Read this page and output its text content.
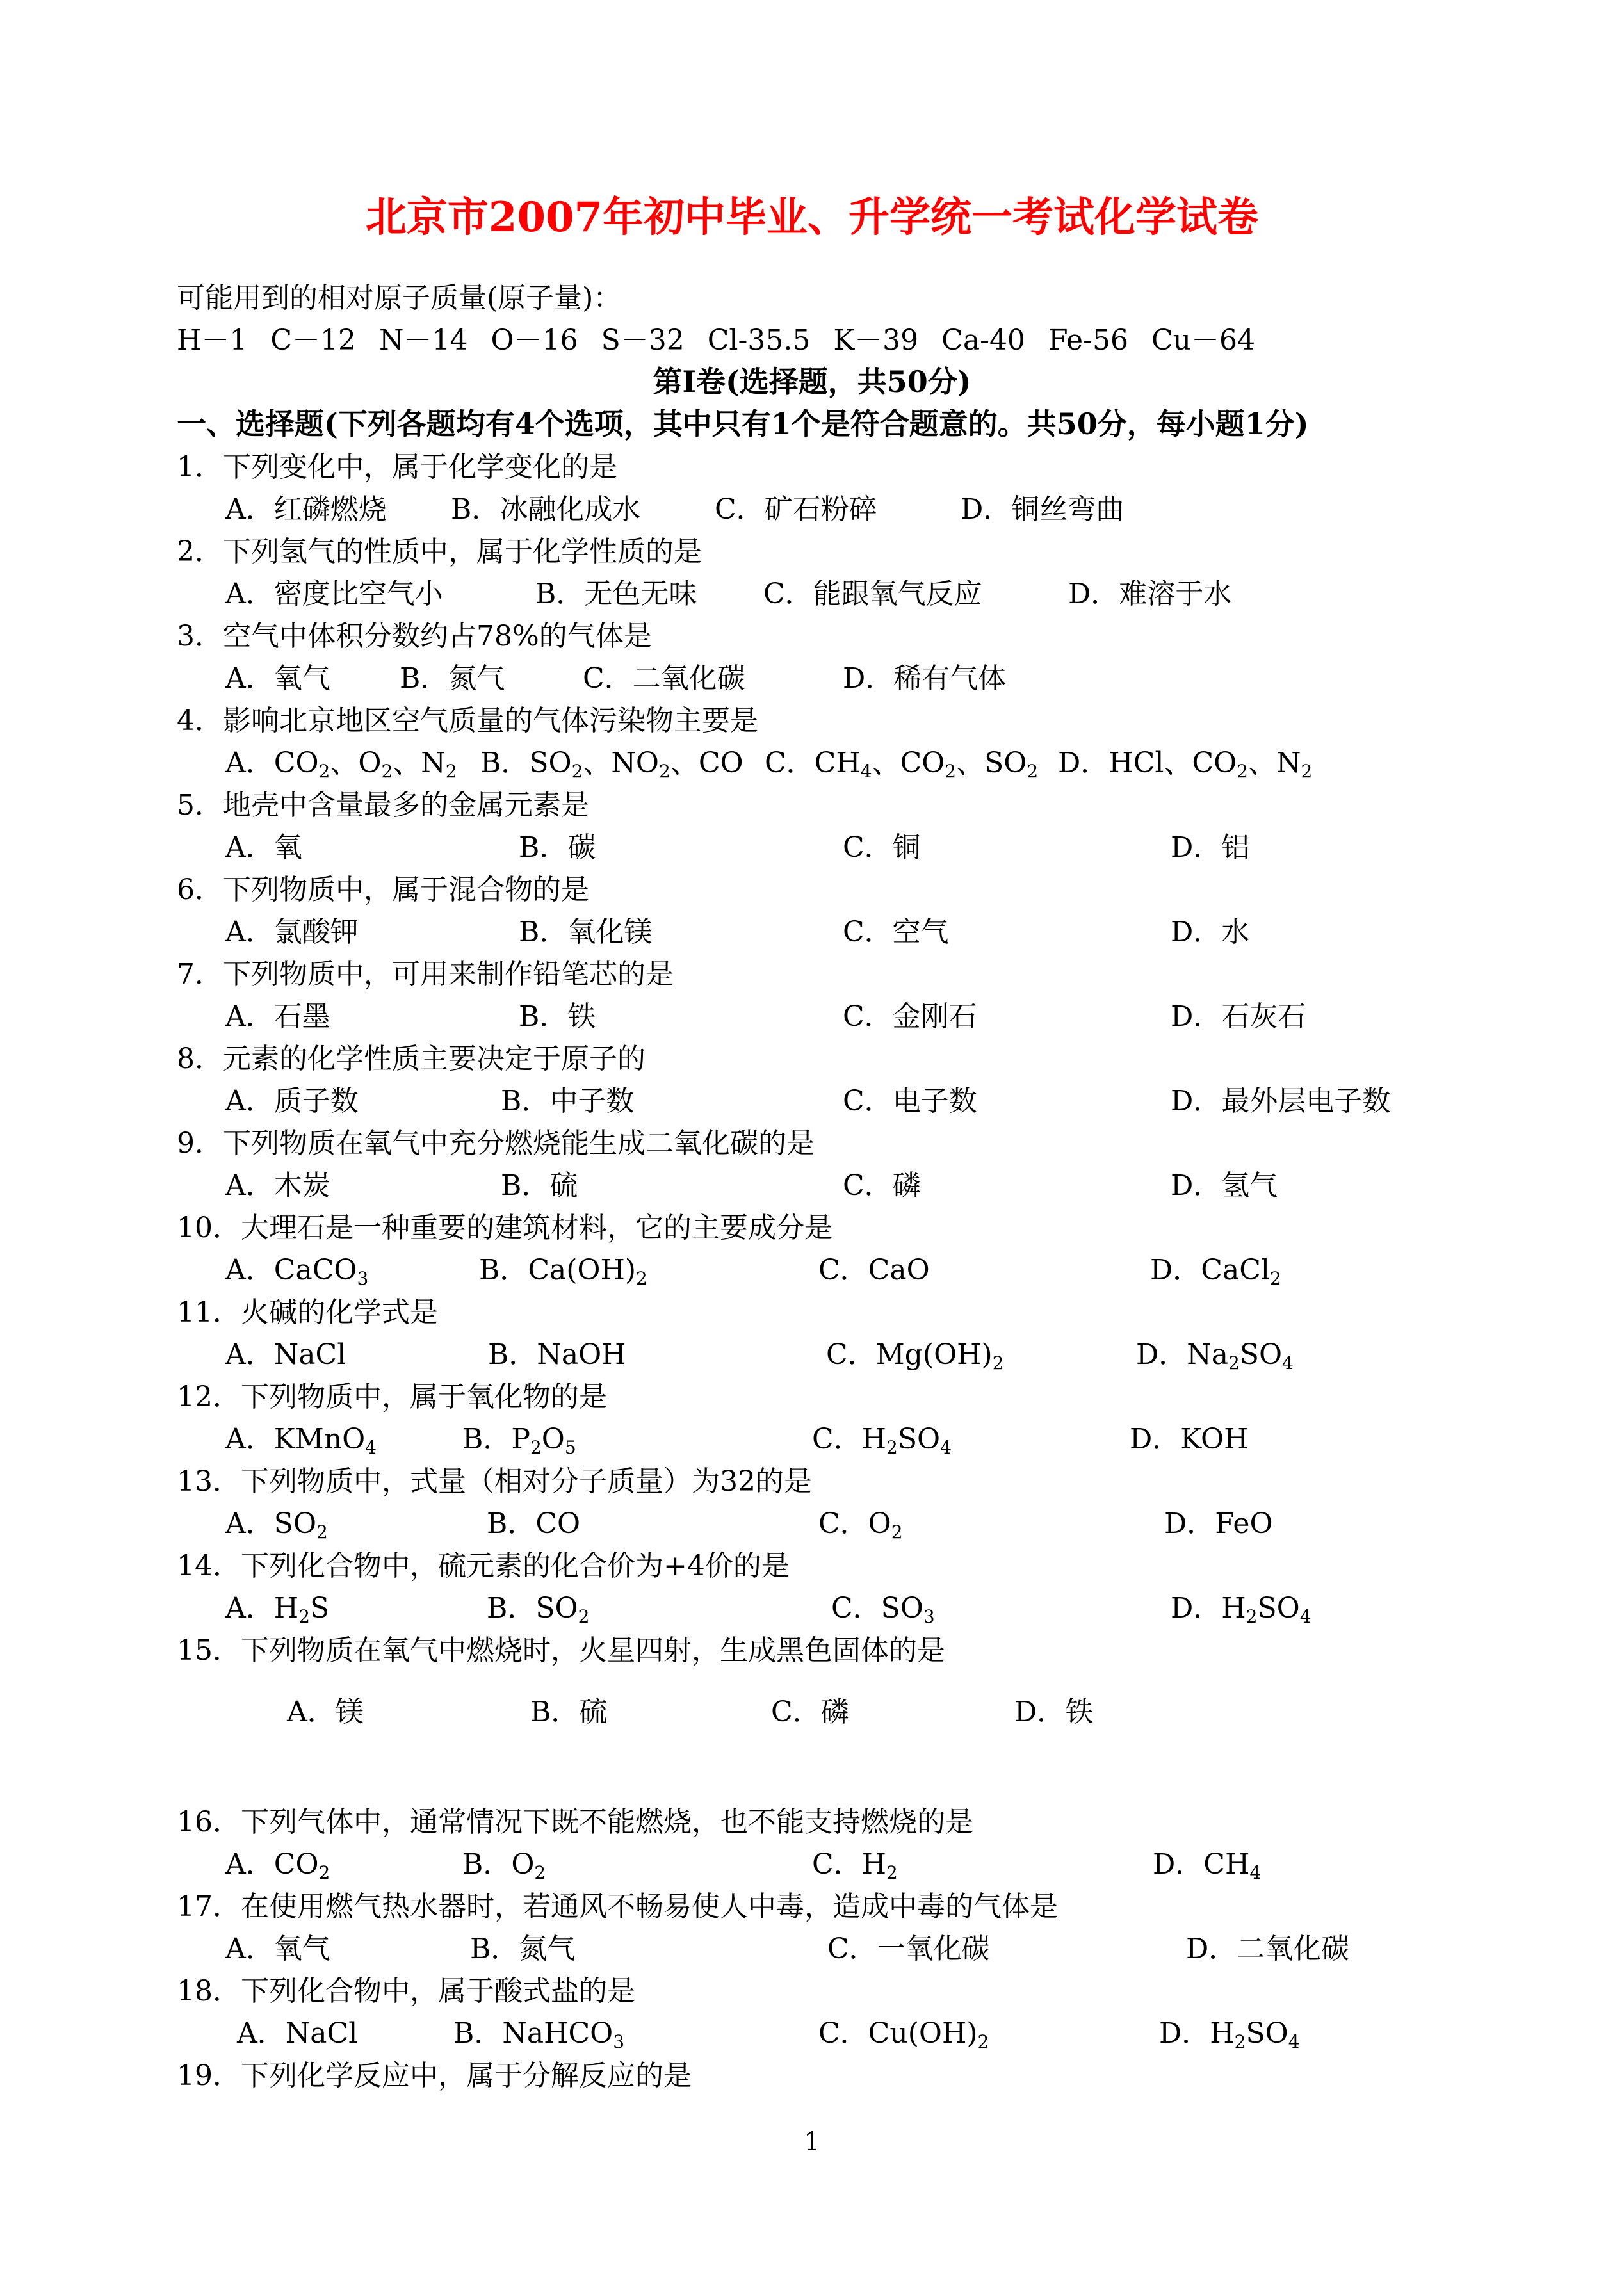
北京市2007年初中毕业、升学统一考试化学试卷
可能用到的相对原子质量(原子量)：
H－1 C－12 N－14 O－16 S－32 Cl-35.5 K－39 Ca-40 Fe-56 Cu－64
第Ⅰ卷(选择题，共50分)
一、选择题(下列各题均有4个选项，其中只有1个是符合题意的。共50分，每小题1分)
1．下列变化中，属于化学变化的是
A．红磷燃烧 B．冰融化成水	C．矿石粉碎	D．铜丝弯曲
2．下列氢气的性质中，属于化学性质的是
A．密度比空气小	B．无色无味 C．能跟氧气反应	D．难溶于水
3．空气中体积分数约占78%的气体是
A．氧气 B．氮气	C．二氧化碳	D．稀有气体
4．影响北京地区空气质量的气体污染物主要是
A．$CO_2$、$O_2$、$N_2$ B．$SO_2$、$NO_2$、CO C．$CH_4$、$CO_2$、$SO_2$ D．HCl、$CO_2$、$N_2$
5．地壳中含量最多的金属元素是
A．氧	B．碳	C．铜	D．铝
6．下列物质中，属于混合物的是
A．氯酸钾	B．氧化镁	C．空气	D．水
7．下列物质中，可用来制作铅笔芯的是
A．石墨	B．铁	C．金刚石	D．石灰石
8．元素的化学性质主要决定于原子的
A．质子数	B．中子数	C．电子数	D．最外层电子数
9．下列物质在氧气中充分燃烧能生成二氧化碳的是
A．木炭	B．硫	C．磷	D．氢气
10．大理石是一种重要的建筑材料，它的主要成分是
A．CaCO$_3$	B．$Ca(OH)_2$	C．CaO	D．CaCl$_2$
11．火碱的化学式是
A．NaCl	B．NaOH	C．$Mg(OH)_2$	D．$Na_2SO_4$
12．下列物质中，属于氧化物的是
A．KMnO$_4$	B．$P_2O_5$	C．$H_2SO_4$	D．KOH
13．下列物质中，式量（相对分子质量）为32的是
A．$SO_2$	B．CO	C．$O_2$	D．FeO
14．下列化合物中，硫元素的化合价为+4价的是
A．$H_2S$	B．$SO_2$	C．$SO_3$	D．$H_2SO_4$
15．下列物质在氧气中燃烧时，火星四射，生成黑色固体的是
A．镁	B．硫	C．磷	D．铁
16．下列气体中，通常情况下既不能燃烧，也不能支持燃烧的是
A．$CO_2$	B．$O_2$	C．$H_2$	D．$CH_4$
17．在使用燃气热水器时，若通风不畅易使人中毒，造成中毒的气体是
A．氧气	B．氮气	C．一氧化碳	D．二氧化碳
18．下列化合物中，属于酸式盐的是
A．NaCl	B．NaHCO$_3$	C．$Cu(OH)_2$	D．$H_2SO_4$
19．下列化学反应中，属于分解反应的是
1
